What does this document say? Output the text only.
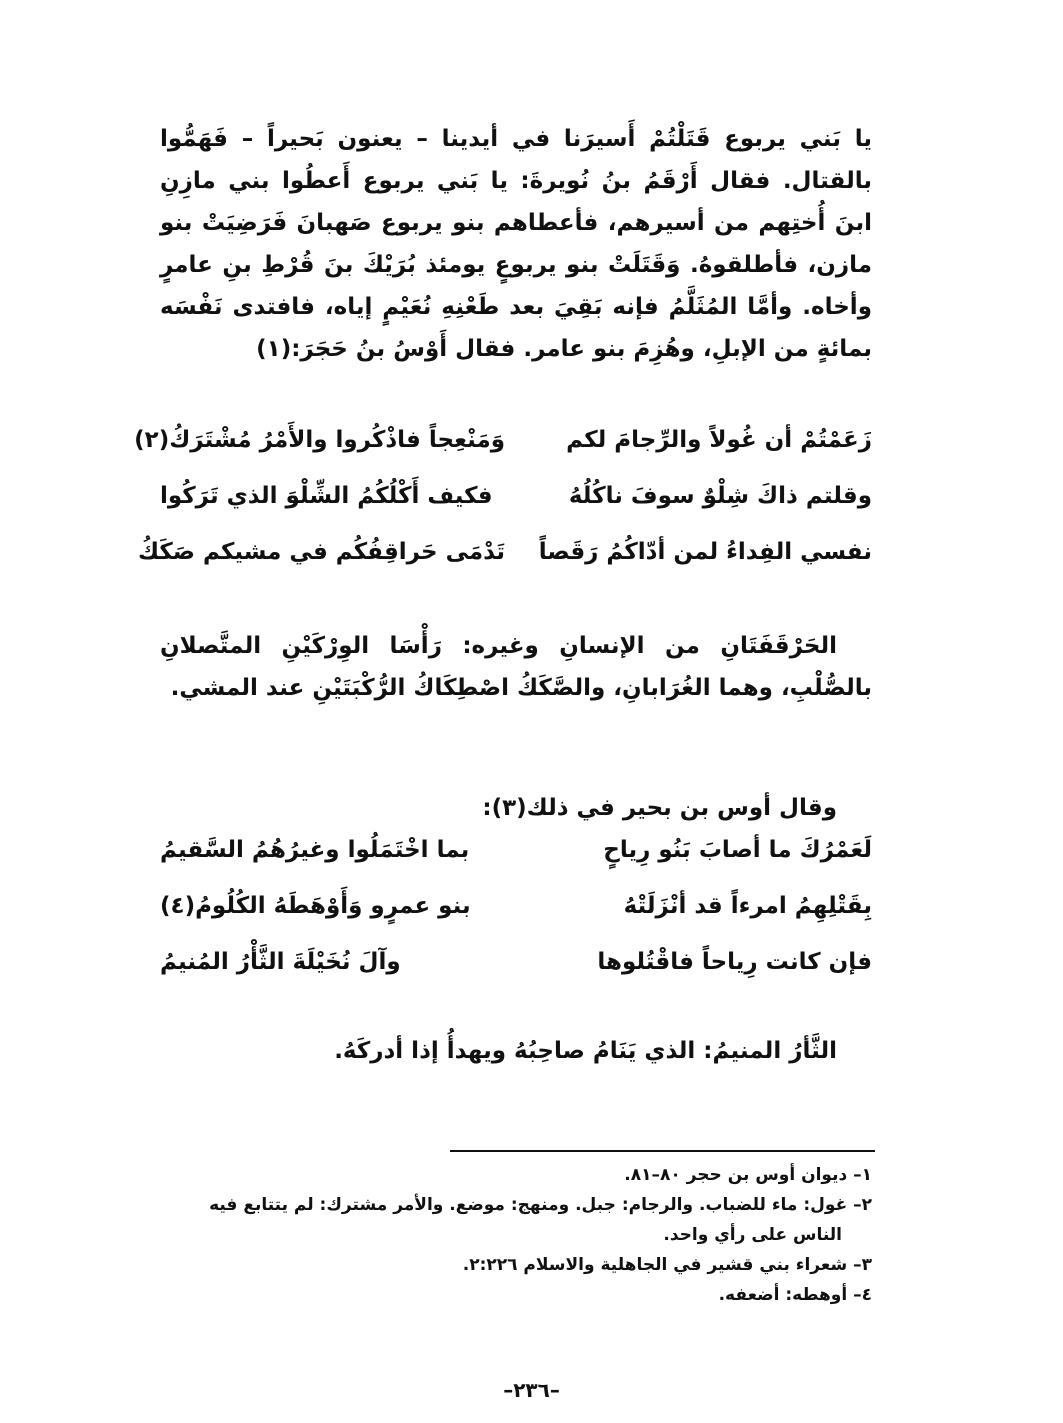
يا بَني يربوع قَتَلْتُمْ أَسيرَنا في أيدينا – يعنون بَحيراً – فَهَمُّوا بالقتال. فقال أَرْقَمُ بنُ نُويرةَ: يا بَني يربوع أَعطُوا بني مازِنِ ابنَ أُختِهم من أسيرهم، فأعطاهم بنو يربوع صَهبانَ فَرَضِيَتْ بنو مازن، فأطلقوهُ. وَقَتَلَتْ بنو يربوعٍ يومئذ بُرَيْكَ بنَ قُرْطِ بنِ عامرٍ وأخاه. وأمَّا المُثَلَّمُ فإنه بَقِيَ بعد طَعْنِهِ نُعَيْمٍ إياه، فافتدى نَفْسَه بمائةٍ من الإبلِ، وهُزِمَ بنو عامر. فقال أَوْسُ بنُ حَجَرَ:(١)

زَعَمْتُمْ أن غُولاً والرِّجامَ لكم
وَمَنْعِجاً فاذْكُروا والأَمْرُ مُشْتَرَكُ(٢)
وقلتم ذاكَ شِلْوٌ سوفَ ناكُلُهُ
فكيف أَكْلُكُمُ الشِّلْوَ الذي تَرَكُوا
نفسي الفِداءُ لمن أدّاكُمُ رَقَصاً
تَدْمَى حَراقِفُكُم في مشيكم صَكَكُ

الحَرْقَفَتَانِ من الإنسانِ وغيره: رَأْسَا الوِرْكَيْنِ المتَّصلانِ بالصُّلْبِ، وهما الغُرَابانِ، والصَّكَكُ اصْطِكَاكُ الرُّكْبَتَيْنِ عند المشي.

وقال أوس بن بحير في ذلك(٣):

لَعَمْرُكَ ما أصابَ بَنُو رِياحٍ
بما اخْتَمَلُوا وغيرُهُمُ السَّقيمُ
بِقَتْلِهِمُ امرءاً قد أنْزَلَتْهُ
بنو عمرٍو وَأَوْهَطَهُ الكُلُومُ(٤)
فإن كانت رِياحاً فاقْتُلوها
وآلَ نُخَيْلَةَ الثَّأْرُ المُنيمُ

الثَّأرُ المنيمُ: الذي يَنَامُ صاحِبُهُ ويهدأُ إذا أدركَهُ.

١– ديوان أوس بن حجر ٨٠–٨١.
٢– غول: ماء للضباب. والرجام: جبل. ومنهج: موضع. والأمر مشترك: لم يتتابع فيه الناس على رأي واحد.
٣– شعراء بني قشير في الجاهلية والاسلام ٢:٢٢٦.
٤– أوهطه: أضعفه.
–٢٣٦–
